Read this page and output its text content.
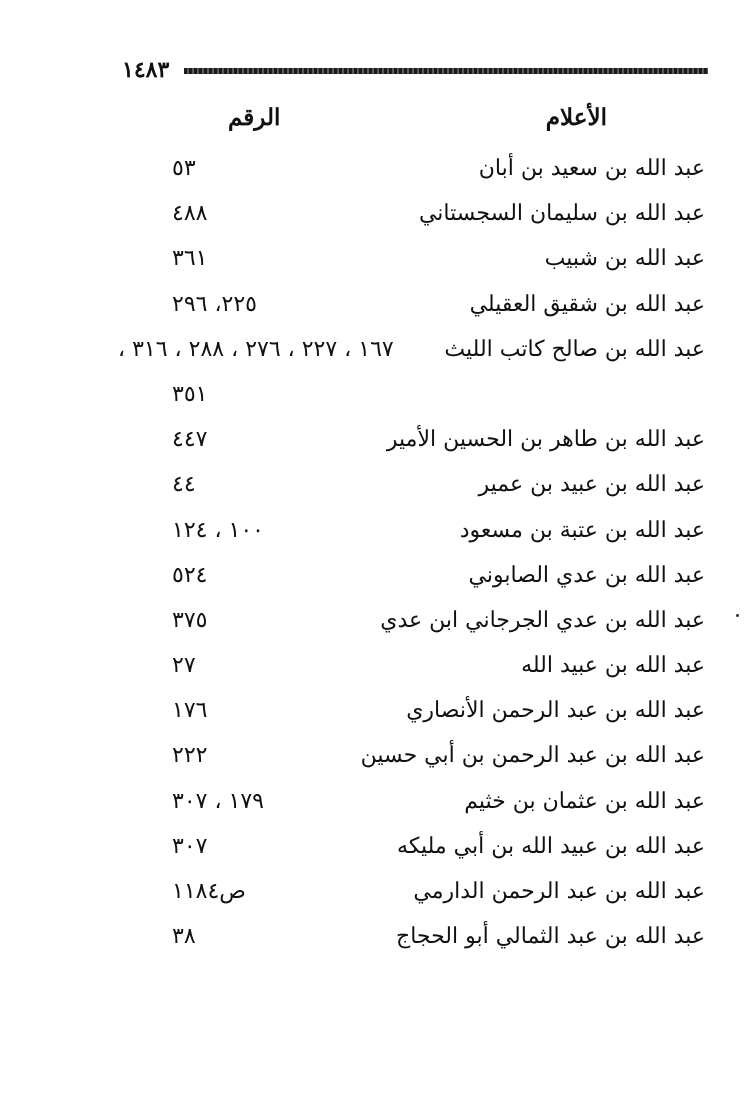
١٤٨٣
الأعلام
الرقم
عبد الله بن سعيد بن أبان
٥٣
عبد الله بن سليمان السجستاني
٤٨٨
عبد الله بن شبيب
٣٦١
عبد الله بن شقيق العقيلي
٢٢٥، ٢٩٦
عبد الله بن صالح كاتب الليث
١٦٧ ، ٢٢٧ ، ٢٧٦ ، ٢٨٨ ، ٣١٦ ،
٣٥١
عبد الله بن طاهر بن الحسين الأمير
٤٤٧
عبد الله بن عبيد بن عمير
٤٤
عبد الله بن عتبة بن مسعود
١٠٠ ، ١٢٤
عبد الله بن عدي الصابوني
٥٢٤
عبد الله بن عدي الجرجاني ابن عدي
٣٧٥
عبد الله بن عبيد الله
٢٧
عبد الله بن عبد الرحمن الأنصاري
١٧٦
عبد الله بن عبد الرحمن بن أبي حسين
٢٢٢
عبد الله بن عثمان بن خثيم
١٧٩ ، ٣٠٧
عبد الله بن عبيد الله بن أبي مليكه
٣٠٧
عبد الله بن عبد الرحمن الدارمي
ص١١٨٤
عبد الله بن عبد الثمالي أبو الحجاج
٣٨
